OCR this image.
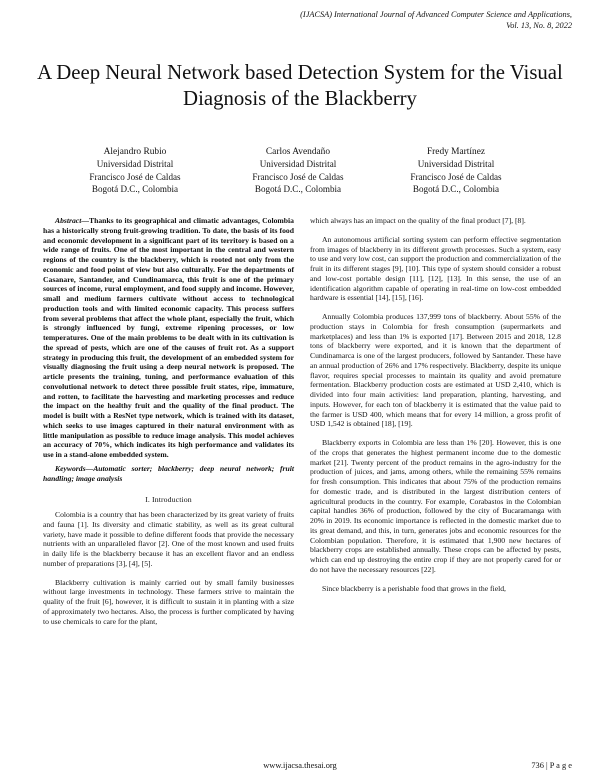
(IJACSA) International Journal of Advanced Computer Science and Applications,
Vol. 13, No. 8, 2022
A Deep Neural Network based Detection System for the Visual Diagnosis of the Blackberry
Alejandro Rubio
Universidad Distrital
Francisco José de Caldas
Bogotá D.C., Colombia
Carlos Avendaño
Universidad Distrital
Francisco José de Caldas
Bogotá D.C., Colombia
Fredy Martínez
Universidad Distrital
Francisco José de Caldas
Bogotá D.C., Colombia

Abstract—Thanks to its geographical and climatic advantages, Colombia has a historically strong fruit-growing tradition. To date, the basis of its food and economic development in a significant part of its territory is based on a wide range of fruits. One of the most important in the central and western regions of the country is the blackberry, which is rooted not only from the economic and food point of view but also culturally. For the departments of Casanare, Santander, and Cundinamarca, this fruit is one of the primary sources of income, rural employment, and food supply and income. However, small and medium farmers cultivate without access to technological production tools and with limited economic capacity. This process suffers from several problems that affect the whole plant, especially the fruit, which is strongly influenced by fungi, extreme ripening processes, or low temperatures. One of the main problems to be dealt with in its cultivation is the spread of pests, which are one of the causes of fruit rot. As a support strategy in producing this fruit, the development of an embedded system for visually diagnosing the fruit using a deep neural network is proposed. The article presents the training, tuning, and performance evaluation of this convolutional network to detect three possible fruit states, ripe, immature, and rotten, to facilitate the harvesting and marketing processes and reduce the impact on the healthy fruit and the quality of the final product. The model is built with a ResNet type network, which is trained with its dataset, which seeks to use images captured in their natural environment with as little manipulation as possible to reduce image analysis. This model achieves an accuracy of 70%, which indicates its high performance and validates its use in a stand-alone embedded system.

Keywords—Automatic sorter; blackberry; deep neural network; fruit handling; image analysis

I. Introduction

Colombia is a country that has been characterized by its great variety of fruits and fauna [1]. Its diversity and climatic stability, as well as its great cultural variety, have made it possible to define different foods that provide the necessary nutrients with an unparalleled flavor [2]. One of the most known and used fruits in daily life is the blackberry because it has an excellent flavor and an endless number of preparations [3], [4], [5].

Blackberry cultivation is mainly carried out by small family businesses without large investments in technology. These farmers strive to maintain the quality of the fruit [6], however, it is difficult to sustain it in planting with a size of approximately two hectares. Also, the process is further complicated by having to use chemicals to care for the plant,

which always has an impact on the quality of the final product [7], [8].

An autonomous artificial sorting system can perform effective segmentation from images of blackberry in its different growth processes. Such a system, easy to use and very low cost, can support the production and commercialization of the fruit in its different stages [9], [10]. This type of system should consider a robust and low-cost portable design [11], [12], [13]. In this sense, the use of an identification algorithm capable of operating in real-time on low-cost embedded hardware is essential [14], [15], [16].

Annually Colombia produces 137,999 tons of blackberry. About 55% of the production stays in Colombia for fresh consumption (supermarkets and marketplaces) and less than 1% is exported [17]. Between 2015 and 2018, 12.8 tons of blackberry were exported, and it is known that the department of Cundinamarca is one of the largest producers, followed by Santander. These have an annual production of 26% and 17% respectively. Blackberry, despite its unique flavor, requires special processes to maintain its quality and avoid premature fermentation. Blackberry production costs are estimated at USD 2,410, which is divided into four main activities: land preparation, planting, harvesting, and inputs. However, for each ton of blackberry it is estimated that the value paid to the farmer is USD 400, which means that for every 14 million, a gross profit of USD 1,542 is obtained [18], [19].

Blackberry exports in Colombia are less than 1% [20]. However, this is one of the crops that generates the highest permanent income due to the domestic market [21]. Twenty percent of the product remains in the agro-industry for the production of juices, and jams, among others, while the remaining 55% remains for fresh consumption. This indicates that about 75% of the production remains for domestic trade, and is distributed in the largest distribution centers of agricultural products in the country. For example, Corabastos in the Colombian capital handles 36% of production, followed by the city of Bucaramanga with 20% in 2019. Its economic importance is reflected in the domestic market due to its great demand, and this, in turn, generates jobs and economic resources for the Colombian population. Therefore, it is estimated that 1,900 new hectares of blackberry crops are established annually. These crops can be affected by pests, which can end up destroying the entire crop if they are not properly cared for or do not have the necessary resources [22].

Since blackberry is a perishable food that grows in the field,

www.ijacsa.thesai.org	736 | P a g e
